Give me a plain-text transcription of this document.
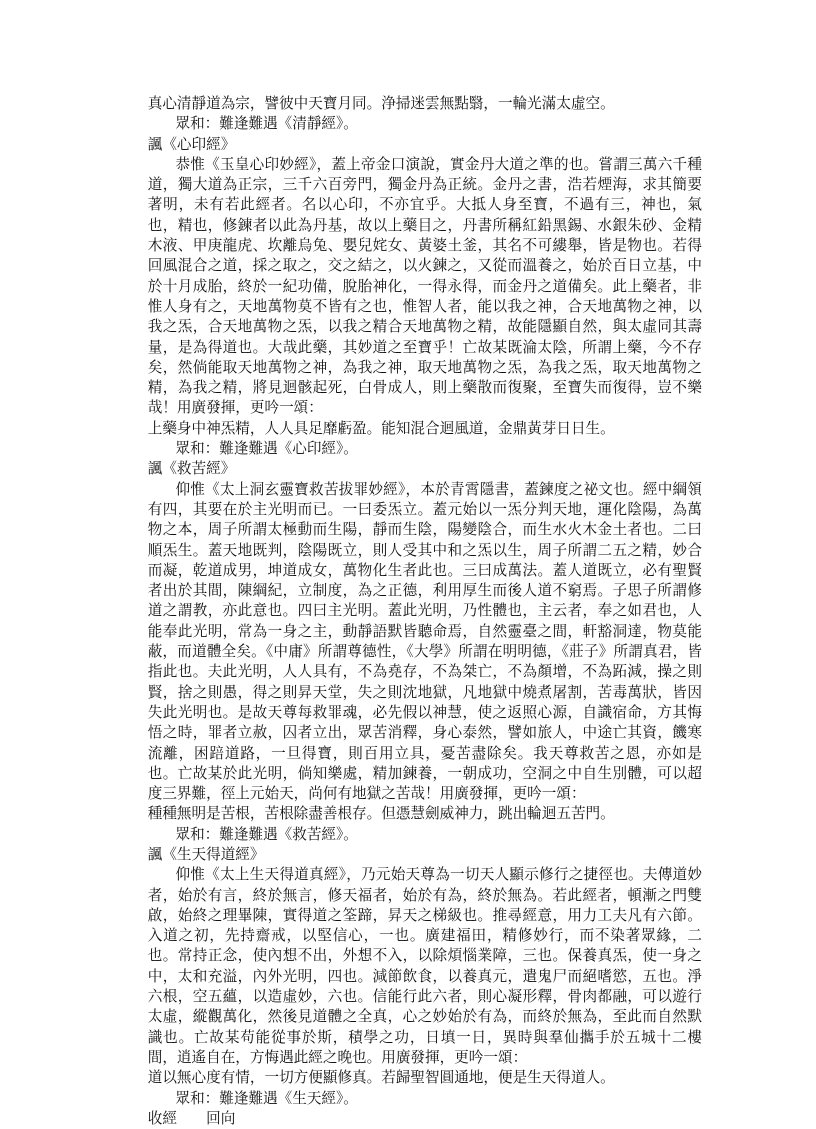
真心清靜道為宗，譬彼中天寶月同。浄掃迷雲無點翳，一輪光滿太虛空。

眾和：難逢難遇《清靜經》。

諷《心印經》

恭惟《玉皇心印妙經》，蓋上帝金口演說，實金丹大道之準的也。嘗謂三萬六千種道，獨大道為正宗，三千六百旁門，獨金丹為正統。金丹之書，浩若煙海，求其簡要著明，未有若此經者。名以心印，不亦宜乎。大抵人身至寶，不過有三，神也，氣也，精也，修鍊者以此為丹基，故以上藥目之，丹書所稱紅鉛黑錫、水銀朱砂、金精木液、甲庚龍虎、坎離烏兔、嬰兒姹女、黃婆土釜，其名不可縷舉，皆是物也。若得回風混合之道，採之取之，交之結之，以火鍊之，又從而溫養之，始於百日立基，中於十月成胎，終於一紀功備，脫胎神化，一得永得，而金丹之道備矣。此上藥者，非惟人身有之，天地萬物莫不皆有之也，惟智人者，能以我之神，合天地萬物之神，以我之炁，合天地萬物之炁，以我之精合天地萬物之精，故能隱顯自然，與太虛同其壽量，是為得道也。大哉此藥，其妙道之至寶乎！亡故某既淪太陰，所謂上藥，今不存矣，然倘能取天地萬物之神，為我之神，取天地萬物之炁，為我之炁，取天地萬物之精，為我之精，將見迴骸起死，白骨成人，則上藥散而復聚，至寶失而復得，豈不樂哉！用廣發揮，更吟一頌：

上藥身中神炁精，人人具足靡虧盈。能知混合迴風道，金鼎黃芽日日生。

眾和：難逢難遇《心印經》。

諷《救苦經》

仰惟《太上洞玄靈寶救苦拔罪妙經》，本於青霄隱書，蓋鍊度之祕文也。經中綱領有四，其要在於主光明而已。一曰委炁立。蓋元始以一炁分判天地，運化陰陽，為萬物之本，周子所謂太極動而生陽，靜而生陰，陽變陰合，而生水火木金土者也。二曰順炁生。蓋天地既判，陰陽既立，則人受其中和之炁以生，周子所謂二五之精，妙合而凝，乾道成男，坤道成女，萬物化生者此也。三曰成萬法。蓋人道既立，必有聖賢者出於其間，陳綱紀，立制度，為之正德，利用厚生而後人道不窮焉。子思子所謂修道之謂教，亦此意也。四曰主光明。蓋此光明，乃性體也，主云者，奉之如君也，人能奉此光明，常為一身之主，動靜語默皆聽命焉，自然靈臺之間，軒豁洞達，物莫能蔽，而道體全矣。《中庸》所謂尊德性，《大學》所謂在明明德，《莊子》所謂真君，皆指此也。夫此光明，人人具有，不為堯存，不為桀亡，不為顏增，不為跖減，操之則賢，捨之則愚，得之則昇天堂，失之則沈地獄，凡地獄中燒煮屠割，苦毒萬狀，皆因失此光明也。是故天尊每救罪魂，必先假以神慧，使之返照心源，自識宿命，方其悔悟之時，罪者立赦，囚者立出，眾苦消釋，身心泰然，譬如旅人，中途亡其資，饑寒流離，困踣道路，一旦得寶，則百用立具，憂苦盡除矣。我天尊救苦之恩，亦如是也。亡故某於此光明，倘知樂處，精加鍊養，一朝成功，空洞之中自生別體，可以超度三界難，徑上元始天，尚何有地獄之苦哉！用廣發揮，更吟一頌：

種種無明是苦根，苦根除盡善根存。但憑慧劍威神力，跳出輪迴五苦門。

眾和：難逢難遇《救苦經》。

諷《生天得道經》

仰惟《太上生天得道真經》，乃元始天尊為一切天人顯示修行之捷徑也。夫傳道妙者，始於有言，終於無言，修天福者，始於有為，終於無為。若此經者，頓漸之門雙啟，始終之理畢陳，實得道之筌蹄，昇天之梯級也。推尋經意，用力工夫凡有六節。入道之初，先持齋戒，以堅信心，一也。廣建福田，精修妙行，而不染著眾緣，二也。常持正念，使內想不出，外想不入，以除煩惱業障，三也。保養真炁，使一身之中，太和充溢，內外光明，四也。減節飲食，以養真元，遣鬼尸而絕嗜慾，五也。淨六根，空五蘊，以造虛妙，六也。信能行此六者，則心凝形釋，骨肉都融，可以遊行太虛，縱觀萬化，然後見道體之全真，心之妙始於有為，而終於無為，至此而自然默識也。亡故某苟能從事於斯，積學之功，日填一日，異時與羣仙攜手於五城十二樓間，逍遙自在，方悔遇此經之晚也。用廣發揮，更吟一頌：

道以無心度有情，一切方便顯修真。若歸聖智圓通地，便是生天得道人。

眾和：難逢難遇《生天經》。

收經　　回向
